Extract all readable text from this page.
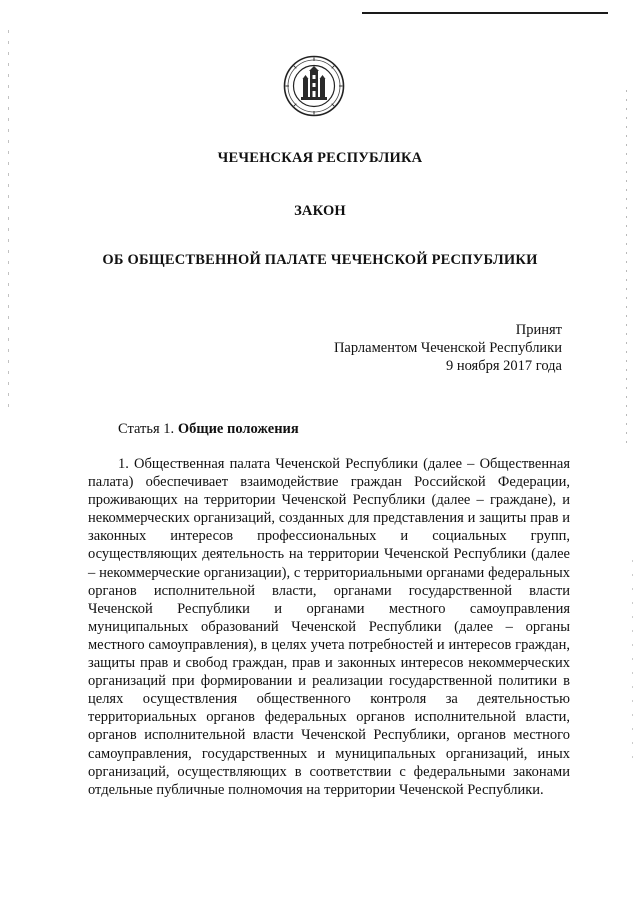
ЧЕЧЕНСКАЯ РЕСПУБЛИКА

ЗАКОН

ОБ ОБЩЕСТВЕННОЙ ПАЛАТЕ ЧЕЧЕНСКОЙ РЕСПУБЛИКИ

Принят
Парламентом Чеченской Республики
9 ноября 2017 года
Статья 1. Общие положения

1. Общественная палата Чеченской Республики (далее – Общественная палата) обеспечивает взаимодействие граждан Российской Федерации, проживающих на территории Чеченской Республики (далее – граждане), и некоммерческих организаций, созданных для представления и защиты прав и законных интересов профессиональных и социальных групп, осуществляющих деятельность на территории Чеченской Республики (далее – некоммерческие организации), с территориальными органами федеральных органов исполнительной власти, органами государственной власти Чеченской Республики и органами местного самоуправления муниципальных образований Чеченской Республики (далее – органы местного самоуправления), в целях учета потребностей и интересов граждан, защиты прав и свобод граждан, прав и законных интересов некоммерческих организаций при формировании и реализации государственной политики в целях осуществления общественного контроля за деятельностью территориальных органов федеральных органов исполнительной власти, органов исполнительной власти Чеченской Республики, органов местного самоуправления, государственных и муниципальных организаций, иных организаций, осуществляющих в соответствии с федеральными законами отдельные публичные полномочия на территории Чеченской Республики.
